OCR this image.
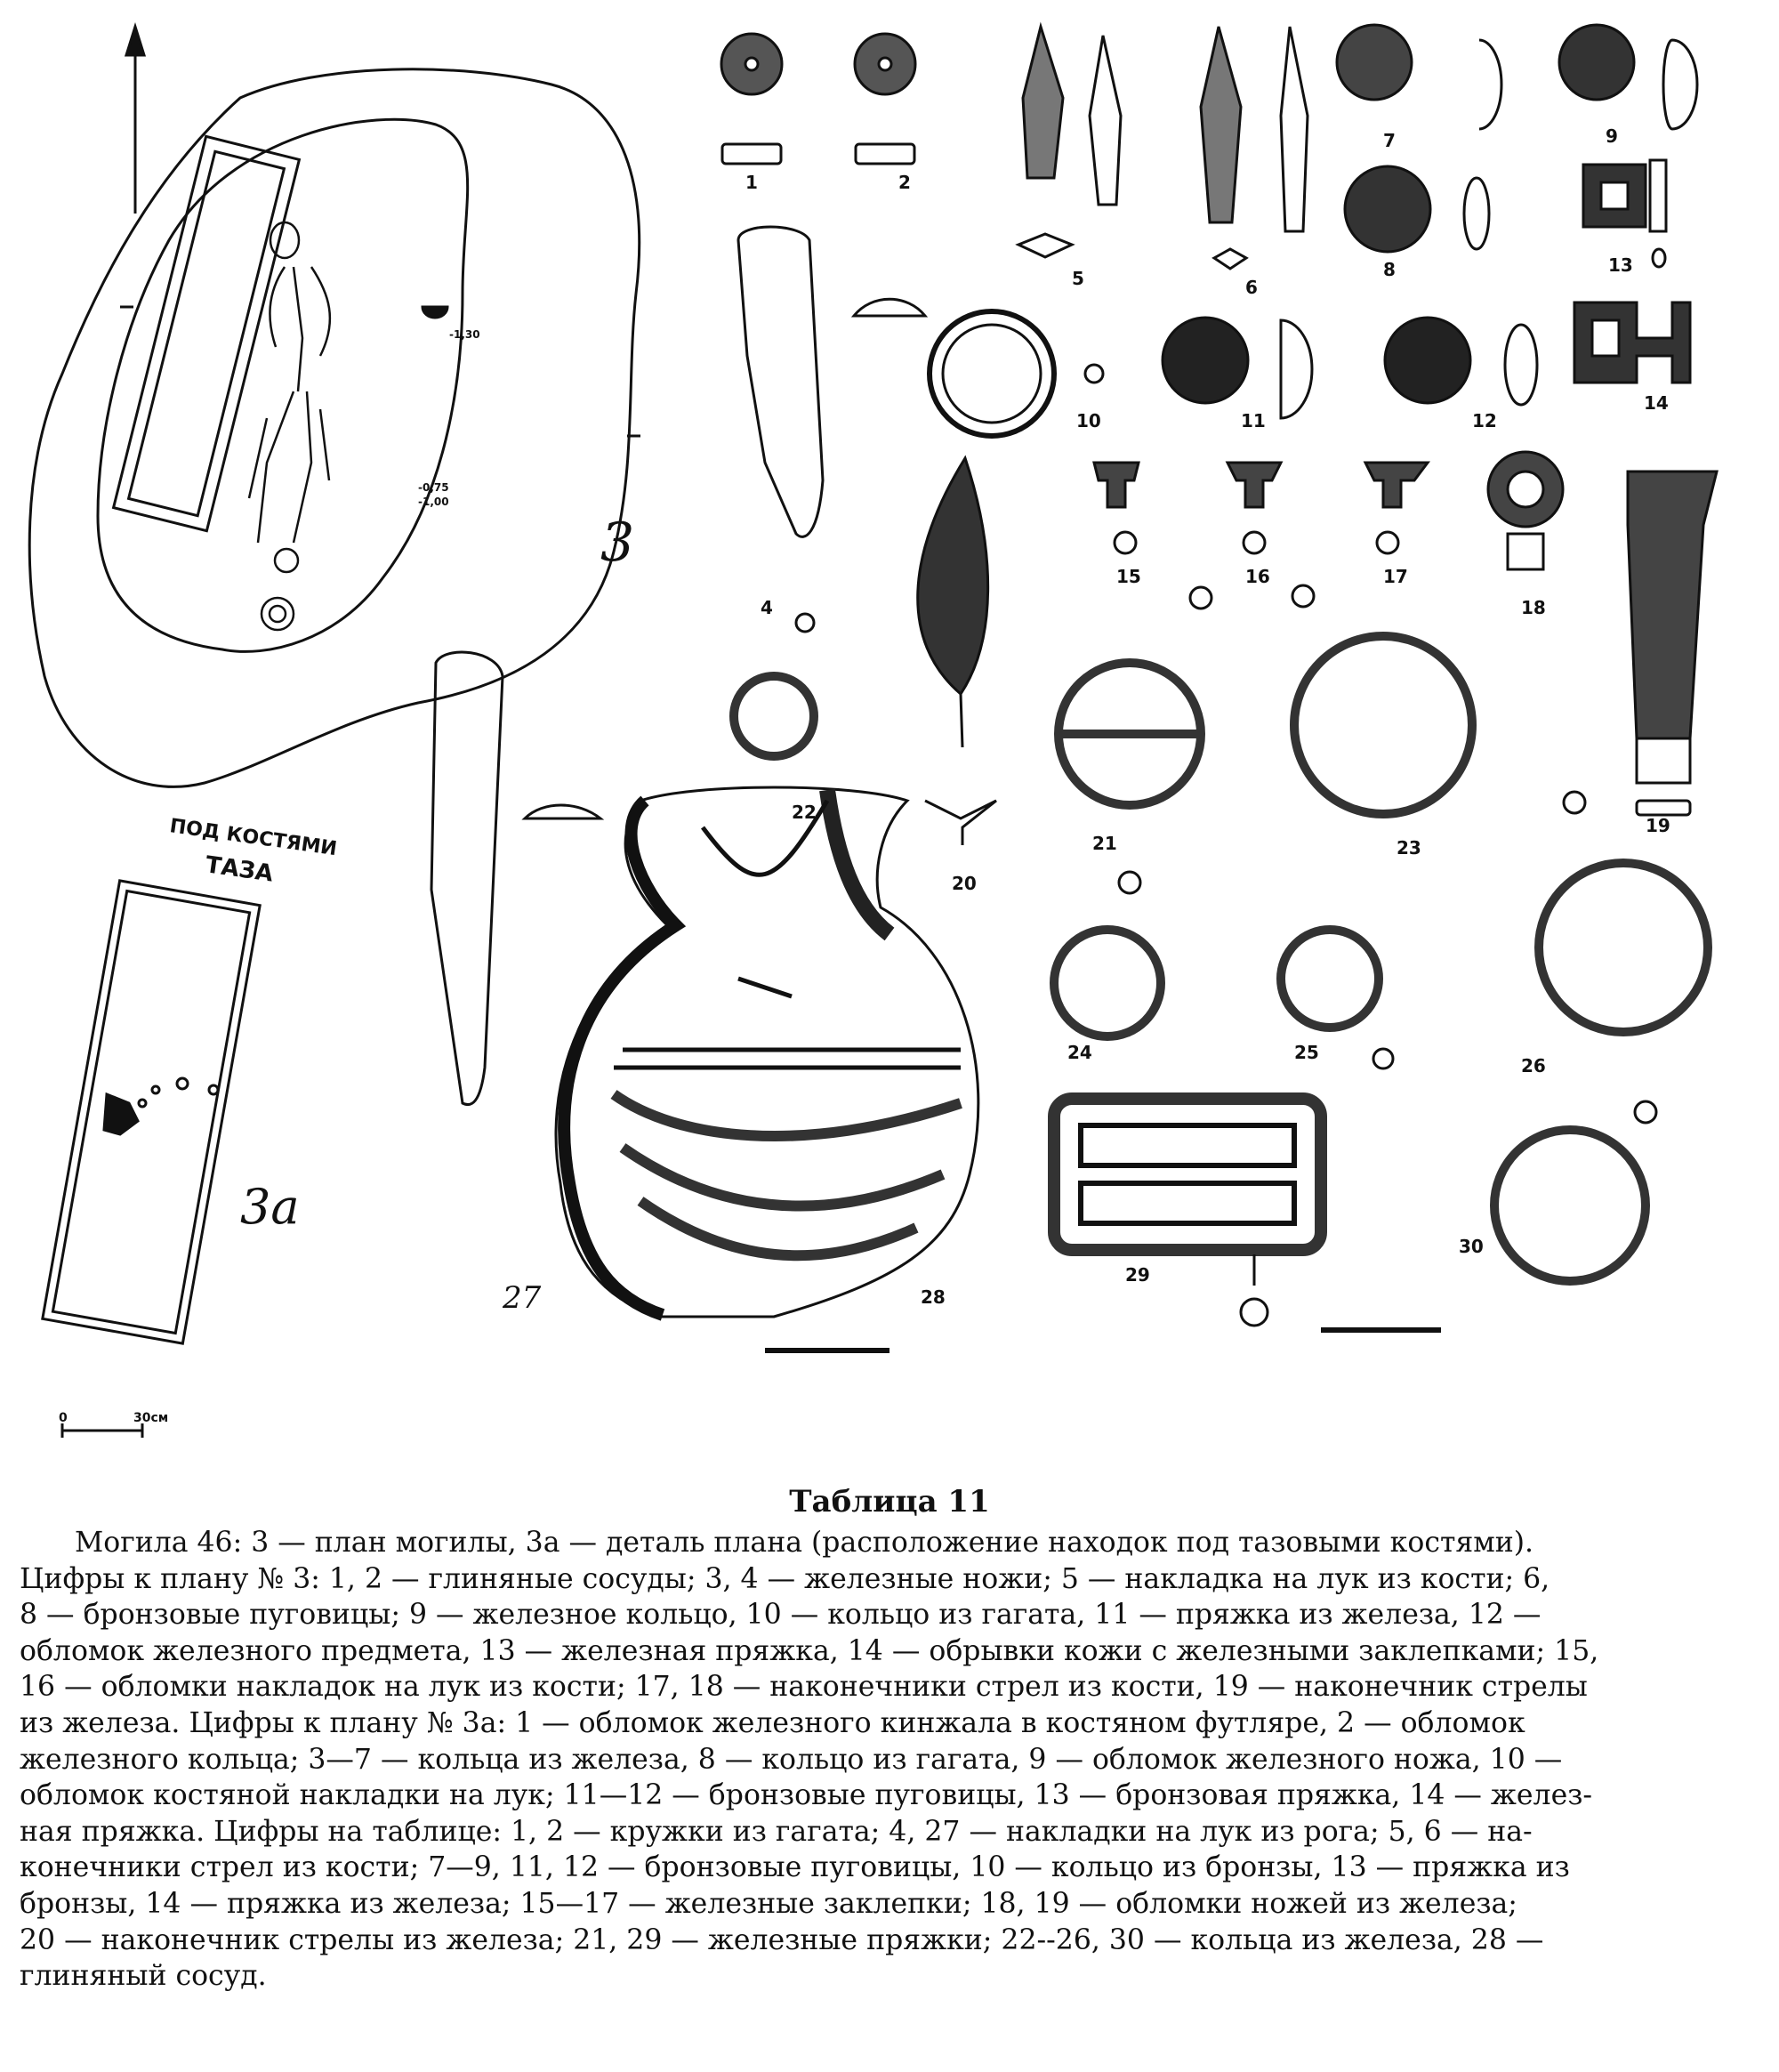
3
3а
ПОД КОСТЯМИ
ТАЗА
0	30см
-1,30
-0,75
-1,00
1	2
4
5	6
7
8
9
10	11	12
13
14
15	16	17
18
19
20
21
22
23
24	25
26
27	28
29
30
Таблица 11

Могила 46: 3 — план могилы, 3а — деталь плана (расположение находок под тазовыми костями).
Цифры к плану № 3: 1, 2 — глиняные сосуды; 3, 4 — железные ножи; 5 — накладка на лук из кости; 6,
8 — бронзовые пуговицы; 9 — железное кольцо, 10 — кольцо из гагата, 11 — пряжка из железа, 12 —
обломок железного предмета, 13 — железная пряжка, 14 — обрывки кожи с железными заклепками; 15,
16 — обломки накладок на лук из кости; 17, 18 — наконечники стрел из кости, 19 — наконечник стрелы
из железа. Цифры к плану № 3а: 1 — обломок железного кинжала в костяном футляре, 2 — обломок
железного кольца; 3—7 — кольца из железа, 8 — кольцо из гагата, 9 — обломок железного ножа, 10 —
обломок костяной накладки на лук; 11—12 — бронзовые пуговицы, 13 — бронзовая пряжка, 14 — желез-
ная пряжка. Цифры на таблице: 1, 2 — кружки из гагата; 4, 27 — накладки на лук из рога; 5, 6 — на-
конечники стрел из кости; 7—9, 11, 12 — бронзовые пуговицы, 10 — кольцо из бронзы, 13 — пряжка из
бронзы, 14 — пряжка из железа; 15—17 — железные заклепки; 18, 19 — обломки ножей из железа;
20 — наконечник стрелы из железа; 21, 29 — железные пряжки; 22--26, 30 — кольца из железа, 28 —
глиняный сосуд.
